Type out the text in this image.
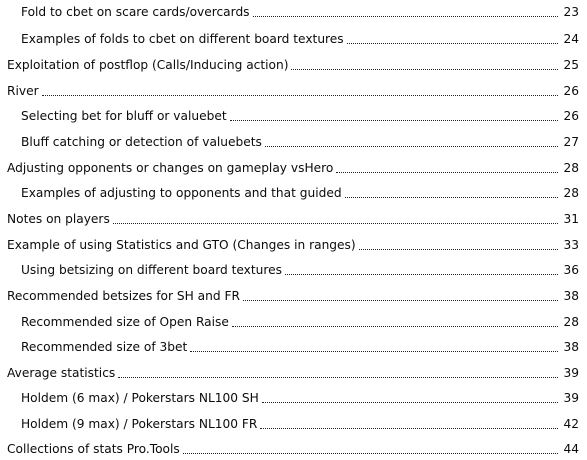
Fold to cbet on scare cards/overcards	23
Examples of folds to cbet on different board textures	24
Exploitation of postflop (Calls/Inducing action)	25
River	26
Selecting bet for bluff or valuebet	26
Bluff catching or detection of valuebets	27
Adjusting opponents or changes on gameplay vsHero	28
Examples of adjusting to opponents and that guided	28
Notes on players	31
Example of using Statistics and GTO (Changes in ranges)	33
Using betsizing on different board textures	36
Recommended betsizes for SH and FR	38
Recommended size of Open Raise	28
Recommended size of 3bet	38
Average statistics	39
Holdem (6 max) / Pokerstars NL100 SH	39
Holdem (9 max) / Pokerstars NL100 FR	42
Collections of stats Pro.Tools	44
